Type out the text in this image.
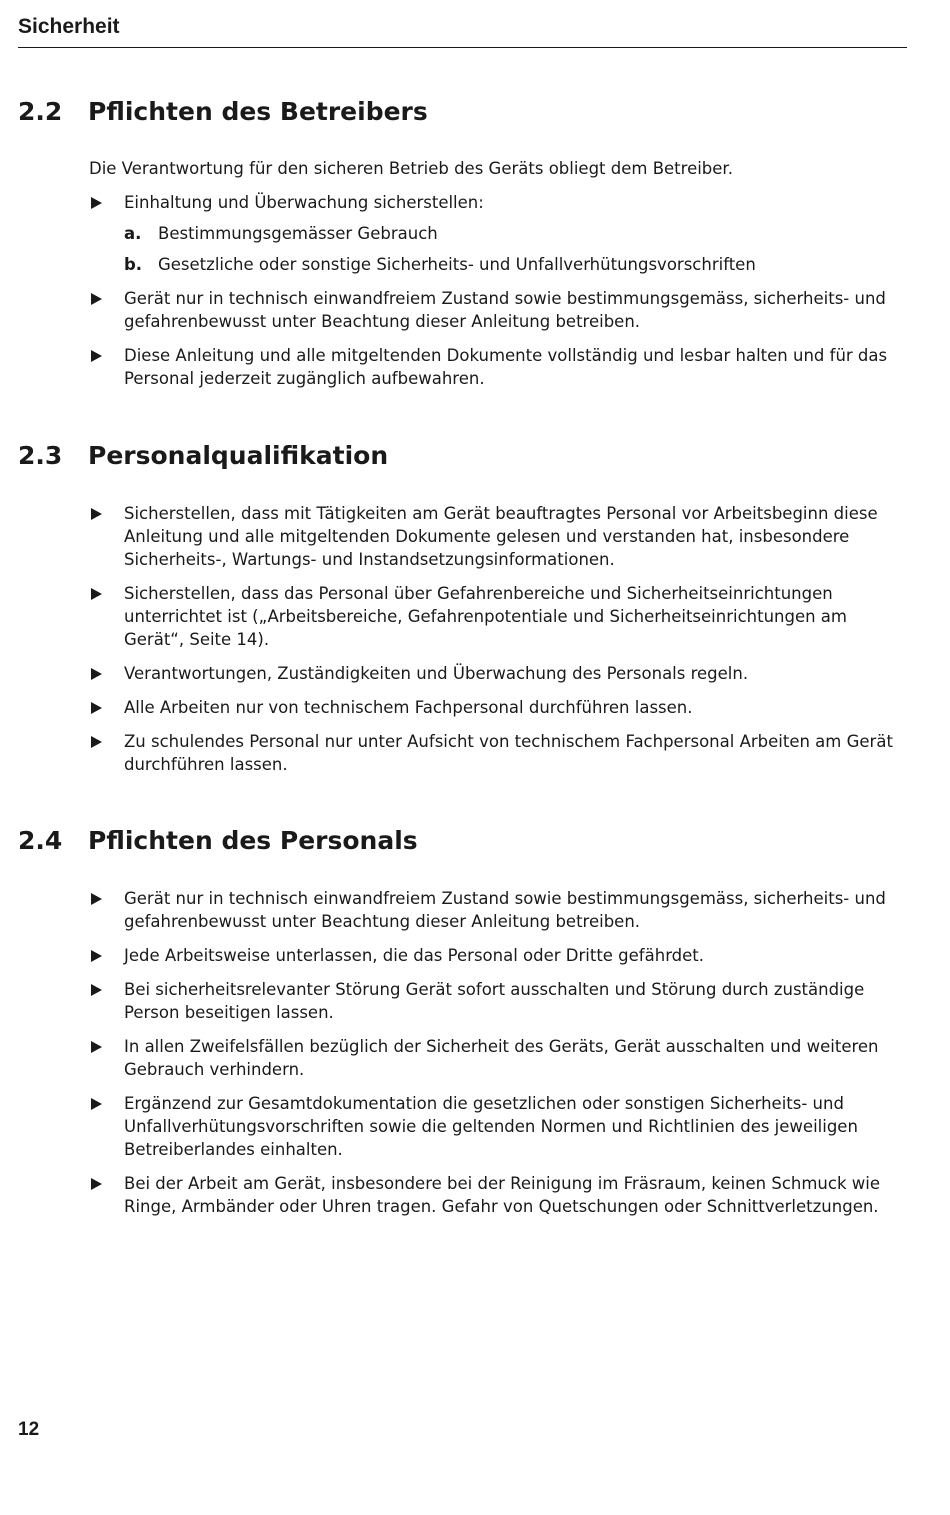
Sicherheit
2.2 Pflichten des Betreibers
Die Verantwortung für den sicheren Betrieb des Geräts obliegt dem Betreiber.
Einhaltung und Überwachung sicherstellen:
a. Bestimmungsgemässer Gebrauch
b. Gesetzliche oder sonstige Sicherheits- und Unfallverhütungsvorschriften
Gerät nur in technisch einwandfreiem Zustand sowie bestimmungsgemäss, sicherheits- und gefahrenbewusst unter Beachtung dieser Anleitung betreiben.
Diese Anleitung und alle mitgeltenden Dokumente vollständig und lesbar halten und für das Personal jederzeit zugänglich aufbewahren.
2.3 Personalqualifikation
Sicherstellen, dass mit Tätigkeiten am Gerät beauftragtes Personal vor Arbeitsbeginn diese Anleitung und alle mitgeltenden Dokumente gelesen und verstanden hat, insbesondere Sicherheits-, Wartungs- und Instandsetzungsinformationen.
Sicherstellen, dass das Personal über Gefahrenbereiche und Sicherheitseinrichtungen unterrichtet ist („Arbeitsbereiche, Gefahrenpotentiale und Sicherheitseinrichtungen am Gerät“, Seite 14).
Verantwortungen, Zuständigkeiten und Überwachung des Personals regeln.
Alle Arbeiten nur von technischem Fachpersonal durchführen lassen.
Zu schulendes Personal nur unter Aufsicht von technischem Fachpersonal Arbeiten am Gerät durchführen lassen.
2.4 Pflichten des Personals
Gerät nur in technisch einwandfreiem Zustand sowie bestimmungsgemäss, sicherheits- und gefahrenbewusst unter Beachtung dieser Anleitung betreiben.
Jede Arbeitsweise unterlassen, die das Personal oder Dritte gefährdet.
Bei sicherheitsrelevanter Störung Gerät sofort ausschalten und Störung durch zuständige Person beseitigen lassen.
In allen Zweifelsfällen bezüglich der Sicherheit des Geräts, Gerät ausschalten und weiteren Gebrauch verhindern.
Ergänzend zur Gesamtdokumentation die gesetzlichen oder sonstigen Sicherheits- und Unfallverhütungsvorschriften sowie die geltenden Normen und Richtlinien des jeweiligen Betreiberlandes einhalten.
Bei der Arbeit am Gerät, insbesondere bei der Reinigung im Fräsraum, keinen Schmuck wie Ringe, Armbänder oder Uhren tragen. Gefahr von Quetschungen oder Schnittverletzungen.
12
